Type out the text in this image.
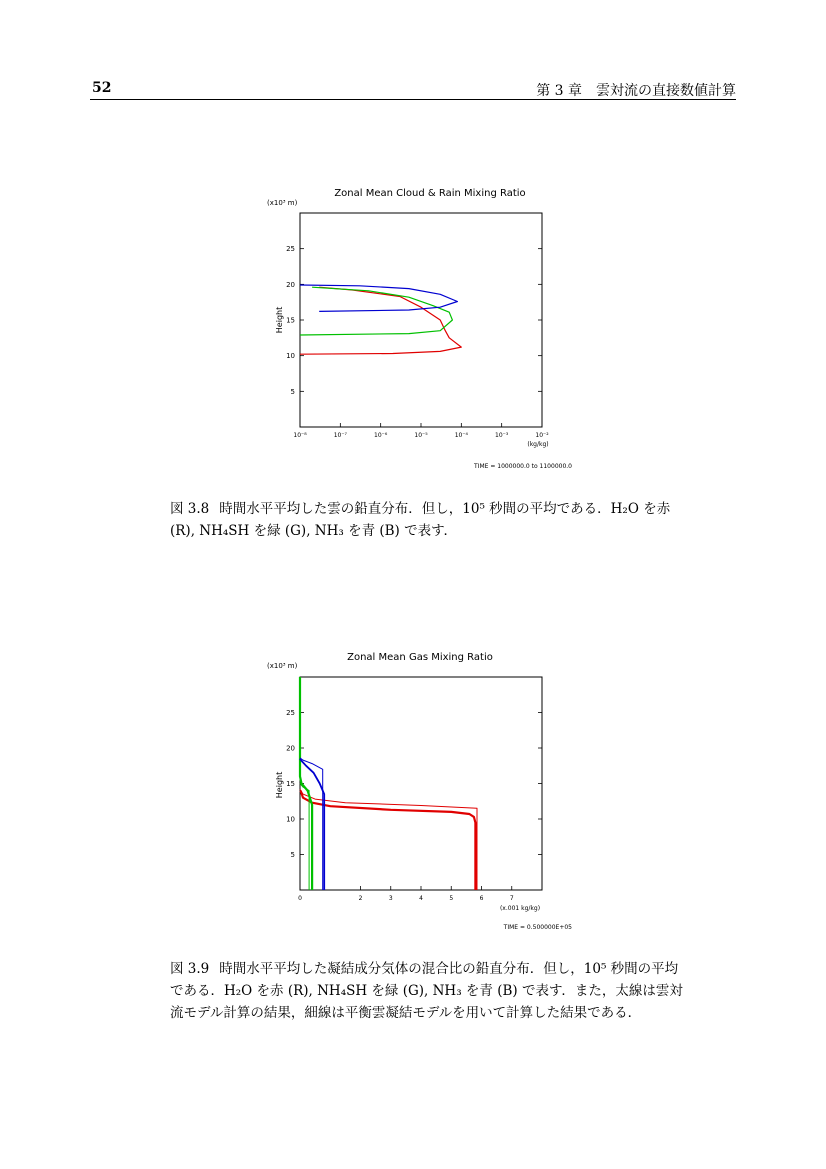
52	第 3 章　雲対流の直接数値計算
Zonal Mean Cloud & Rain Mixing Ratio
(x10³ m)
Height
10⁻⁸	10⁻⁷	10⁻⁶	10⁻⁵	10⁻⁴	10⁻³	10⁻²
5
10
15
20
25
(kg/kg)
TIME = 1000000.0 to 1100000.0
図 3.8 時間水平平均した雲の鉛直分布．但し，10⁵ 秒間の平均である．H₂O を赤 (R), NH₄SH を緑 (G), NH₃ を青 (B) で表す．
Zonal Mean Gas Mixing Ratio
(x10³ m)
Height
0	2	3	4	5	6	7
5
10
15
20
25
(x.001 kg/kg)
TIME = 0.500000E+05
図 3.9 時間水平平均した凝結成分気体の混合比の鉛直分布．但し，10⁵ 秒間の平均である．H₂O を赤 (R), NH₄SH を緑 (G), NH₃ を青 (B) で表す．また，太線は雲対流モデル計算の結果，細線は平衡雲凝結モデルを用いて計算した結果である．
